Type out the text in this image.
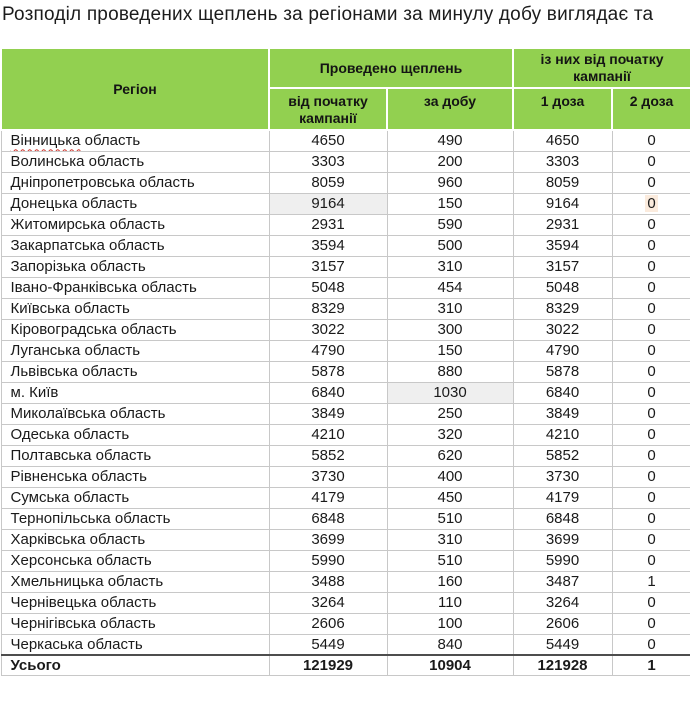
Розподіл проведених щеплень за регіонами за минулу добу виглядає та
Регіон	Проведено щеплень		із них від початку кампанії	
	від початку кампанії	за добу	1 доза	2 доза
Вінницька область	4650	490	4650	0
Волинська область	3303	200	3303	0
Дніпропетровська область	8059	960	8059	0
Донецька область	9164	150	9164	0
Житомирська область	2931	590	2931	0
Закарпатська область	3594	500	3594	0
Запорізька область	3157	310	3157	0
Івано-Франківська область	5048	454	5048	0
Київська область	8329	310	8329	0
Кіровоградська область	3022	300	3022	0
Луганська область	4790	150	4790	0
Львівська область	5878	880	5878	0
м. Київ	6840	1030	6840	0
Миколаївська область	3849	250	3849	0
Одеська область	4210	320	4210	0
Полтавська область	5852	620	5852	0
Рівненська область	3730	400	3730	0
Сумська область	4179	450	4179	0
Тернопільська область	6848	510	6848	0
Харківська область	3699	310	3699	0
Херсонська область	5990	510	5990	0
Хмельницька область	3488	160	3487	1
Чернівецька область	3264	110	3264	0
Чернігівська область	2606	100	2606	0
Черкаська область	5449	840	5449	0
Усього	121929	10904	121928	1
